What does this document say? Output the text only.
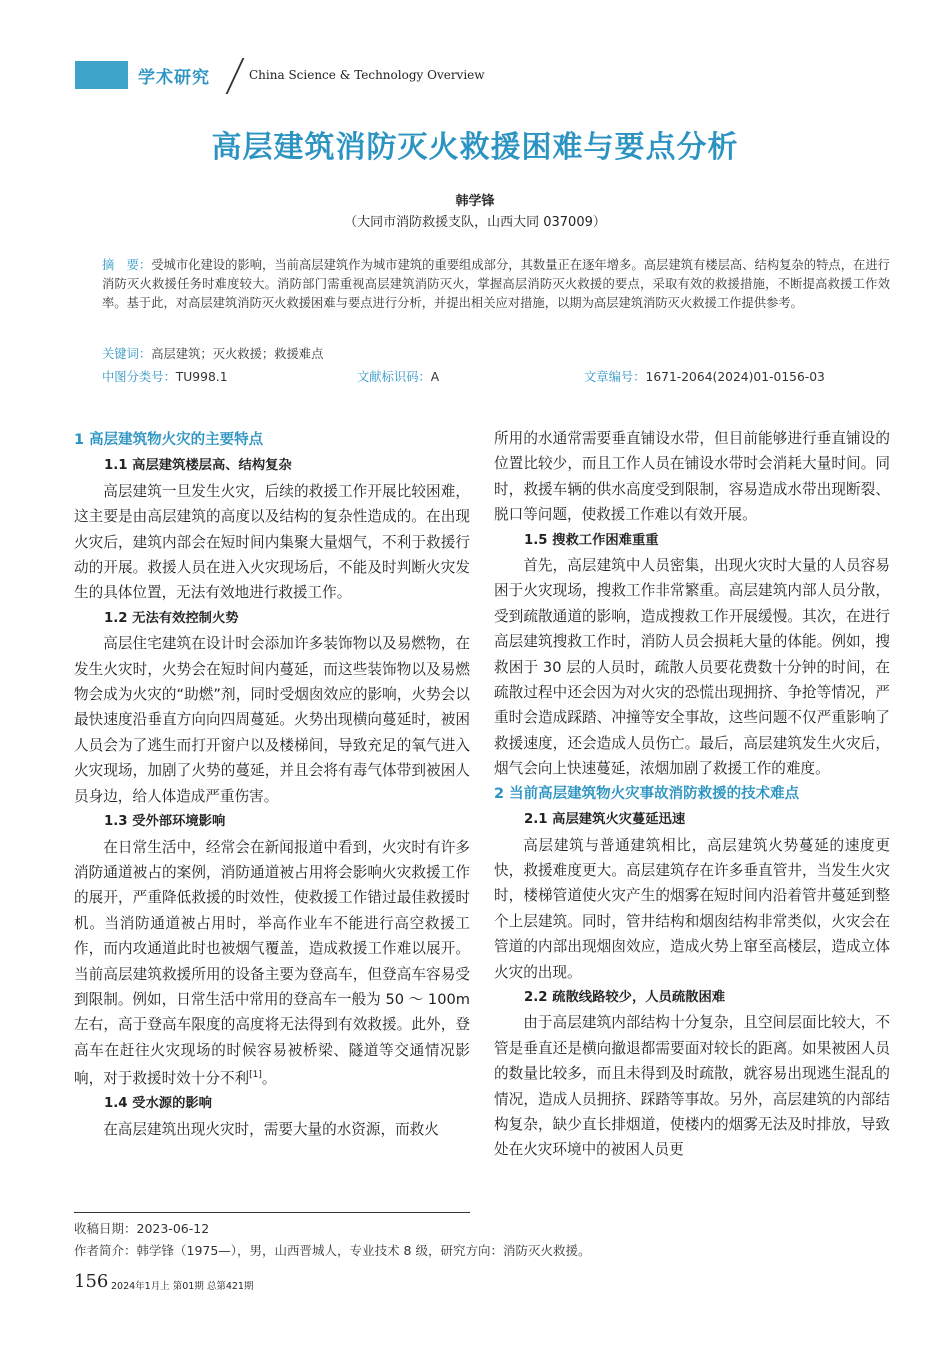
学术研究	China Science & Technology Overview
高层建筑消防灭火救援困难与要点分析
韩学锋
（大同市消防救援支队，山西大同 037009）
摘　要：受城市化建设的影响，当前高层建筑作为城市建筑的重要组成部分，其数量正在逐年增多。高层建筑有楼层高、结构复杂的特点，在进行消防灭火救援任务时难度较大。消防部门需重视高层建筑消防灭火，掌握高层消防灭火救援的要点，采取有效的救援措施，不断提高救援工作效率。基于此，对高层建筑消防灭火救援困难与要点进行分析，并提出相关应对措施，以期为高层建筑消防灭火救援工作提供参考。
关键词：高层建筑；灭火救援；救援难点
中图分类号：TU998.1	文献标识码：A	文章编号：1671-2064(2024)01-0156-03

1 高层建筑物火灾的主要特点

1.1 高层建筑楼层高、结构复杂

高层建筑一旦发生火灾，后续的救援工作开展比较困难，这主要是由高层建筑的高度以及结构的复杂性造成的。在出现火灾后，建筑内部会在短时间内集聚大量烟气，不利于救援行动的开展。救援人员在进入火灾现场后，不能及时判断火灾发生的具体位置，无法有效地进行救援工作。

1.2 无法有效控制火势

高层住宅建筑在设计时会添加许多装饰物以及易燃物，在发生火灾时，火势会在短时间内蔓延，而这些装饰物以及易燃物会成为火灾的“助燃”剂，同时受烟囱效应的影响，火势会以最快速度沿垂直方向向四周蔓延。火势出现横向蔓延时，被困人员会为了逃生而打开窗户以及楼梯间，导致充足的氧气进入火灾现场，加剧了火势的蔓延，并且会将有毒气体带到被困人员身边，给人体造成严重伤害。

1.3 受外部环境影响

在日常生活中，经常会在新闻报道中看到，火灾时有许多消防通道被占的案例，消防通道被占用将会影响火灾救援工作的展开，严重降低救援的时效性，使救援工作错过最佳救援时机。当消防通道被占用时，举高作业车不能进行高空救援工作，而内攻通道此时也被烟气覆盖，造成救援工作难以展开。当前高层建筑救援所用的设备主要为登高车，但登高车容易受到限制。例如，日常生活中常用的登高车一般为 50 ～ 100m 左右，高于登高车限度的高度将无法得到有效救援。此外，登高车在赶往火灾现场的时候容易被桥梁、隧道等交通情况影响，对于救援时效十分不利[1]。

1.4 受水源的影响

在高层建筑出现火灾时，需要大量的水资源，而救火

所用的水通常需要垂直铺设水带，但目前能够进行垂直铺设的位置比较少，而且工作人员在铺设水带时会消耗大量时间。同时，救援车辆的供水高度受到限制，容易造成水带出现断裂、脱口等问题，使救援工作难以有效开展。

1.5 搜救工作困难重重

首先，高层建筑中人员密集，出现火灾时大量的人员容易困于火灾现场，搜救工作非常繁重。高层建筑内部人员分散，受到疏散通道的影响，造成搜救工作开展缓慢。其次，在进行高层建筑搜救工作时，消防人员会损耗大量的体能。例如，搜救困于 30 层的人员时，疏散人员要花费数十分钟的时间，在疏散过程中还会因为对火灾的恐慌出现拥挤、争抢等情况，严重时会造成踩踏、冲撞等安全事故，这些问题不仅严重影响了救援速度，还会造成人员伤亡。最后，高层建筑发生火灾后，烟气会向上快速蔓延，浓烟加剧了救援工作的难度。

2 当前高层建筑物火灾事故消防救援的技术难点

2.1 高层建筑火灾蔓延迅速

高层建筑与普通建筑相比，高层建筑火势蔓延的速度更快，救援难度更大。高层建筑存在许多垂直管井，当发生火灾时，楼梯管道使火灾产生的烟雾在短时间内沿着管井蔓延到整个上层建筑。同时，管井结构和烟囱结构非常类似，火灾会在管道的内部出现烟囱效应，造成火势上窜至高楼层，造成立体火灾的出现。

2.2 疏散线路较少，人员疏散困难

由于高层建筑内部结构十分复杂，且空间层面比较大，不管是垂直还是横向撤退都需要面对较长的距离。如果被困人员的数量比较多，而且未得到及时疏散，就容易出现逃生混乱的情况，造成人员拥挤、踩踏等事故。另外，高层建筑的内部结构复杂，缺少直长排烟道，使楼内的烟雾无法及时排放，导致处在火灾环境中的被困人员更

收稿日期：2023-06-12
作者简介：韩学锋（1975—），男，山西晋城人，专业技术 8 级，研究方向：消防灭火救援。
156 2024年1月上 第01期 总第421期
